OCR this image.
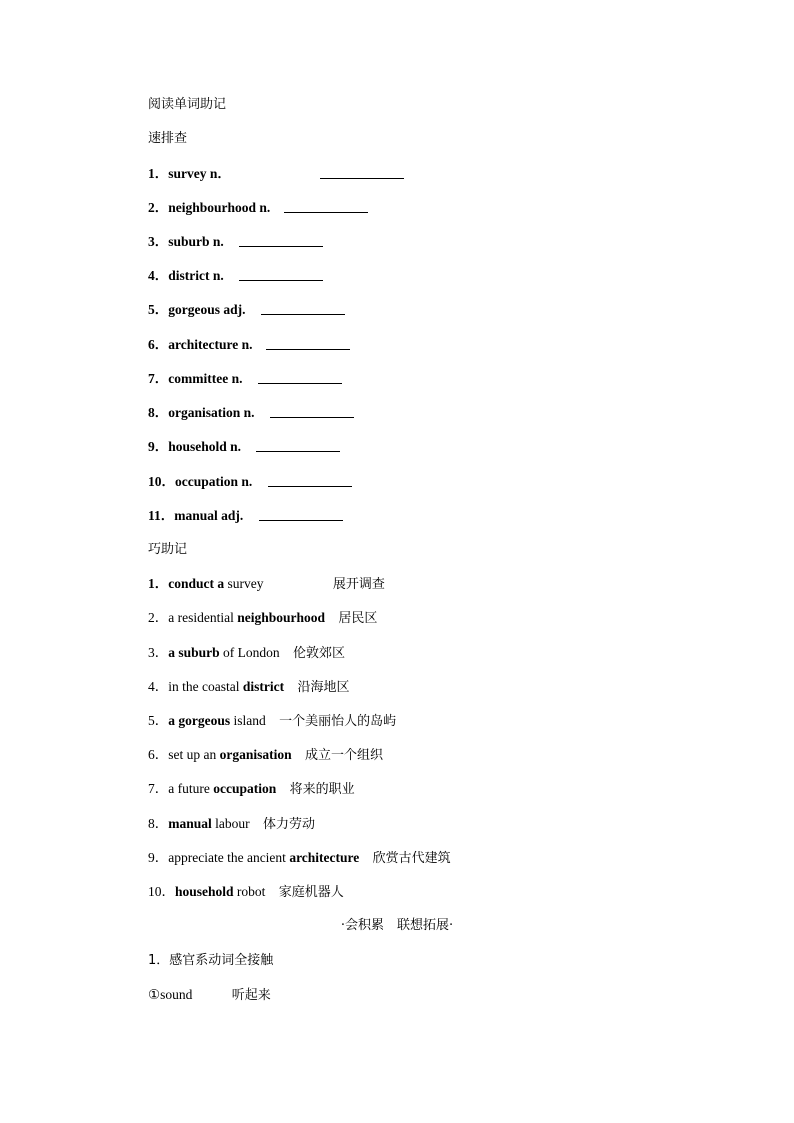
阅读单词助记
速排查
1．survey n．
2．neighbourhood n.
3．suburb n.
4．district n.
5．gorgeous adj.
6．architecture n.
7．committee n.
8．organisation n.
9．household n.
10．occupation n.
11．manual adj.
巧助记
1．conduct a survey	展开调查
2．a residential neighbourhood 居民区
3．a suburb of London 伦敦郊区
4．in the coastal district 沿海地区
5．a gorgeous island 一个美丽怡人的岛屿
6．set up an organisation 成立一个组织
7．a future occupation 将来的职业
8．manual labour 体力劳动
9．appreciate the ancient architecture 欣赏古代建筑
10．household robot 家庭机器人
·会积累　联想拓展·
1．感官系动词全接触
①sound	听起来
